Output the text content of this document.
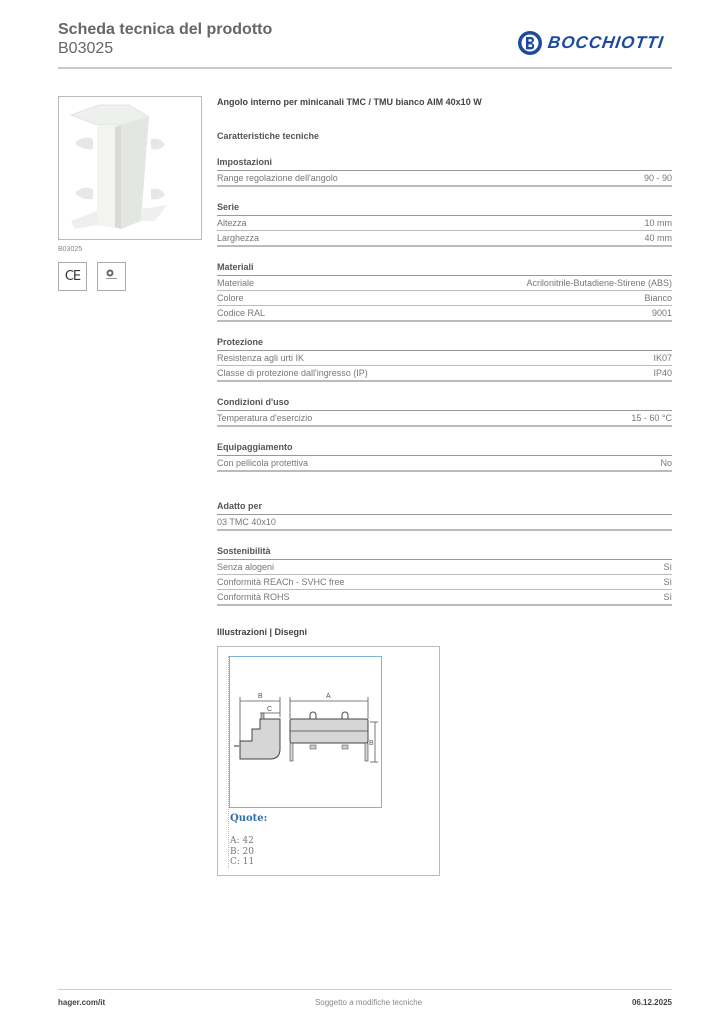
Scheda tecnica del prodotto
B03025	BOCCHIOTTI
B03025
CE
Angolo interno per minicanali TMC / TMU bianco AIM 40x10 W
Caratteristiche tecniche
Impostazioni
Range regolazione dell'angolo	90 - 90
Serie
Altezza	10 mm
Larghezza	40 mm
Materiali
Materiale	Acrilonitrile-Butadiene-Stirene (ABS)
Colore	Bianco
Codice RAL	9001
Protezione
Resistenza agli urti IK	IK07
Classe di protezione dall'ingresso (IP)	IP40
Condizioni d'uso
Temperatura d'esercizio	15 - 60 °C
Equipaggiamento
Con pellicola protettiva	No
Adatto per
03 TMC 40x10
Sostenibilità
Senza alogeni	Sì
Conformità REACh - SVHC free	Sì
Conformità ROHS	Sì
Illustrazioni | Disegni
B
C
A
B
Quote:
A: 42
B: 20
C: 11
hager.com/it	Soggetto a modifiche tecniche	06.12.2025
